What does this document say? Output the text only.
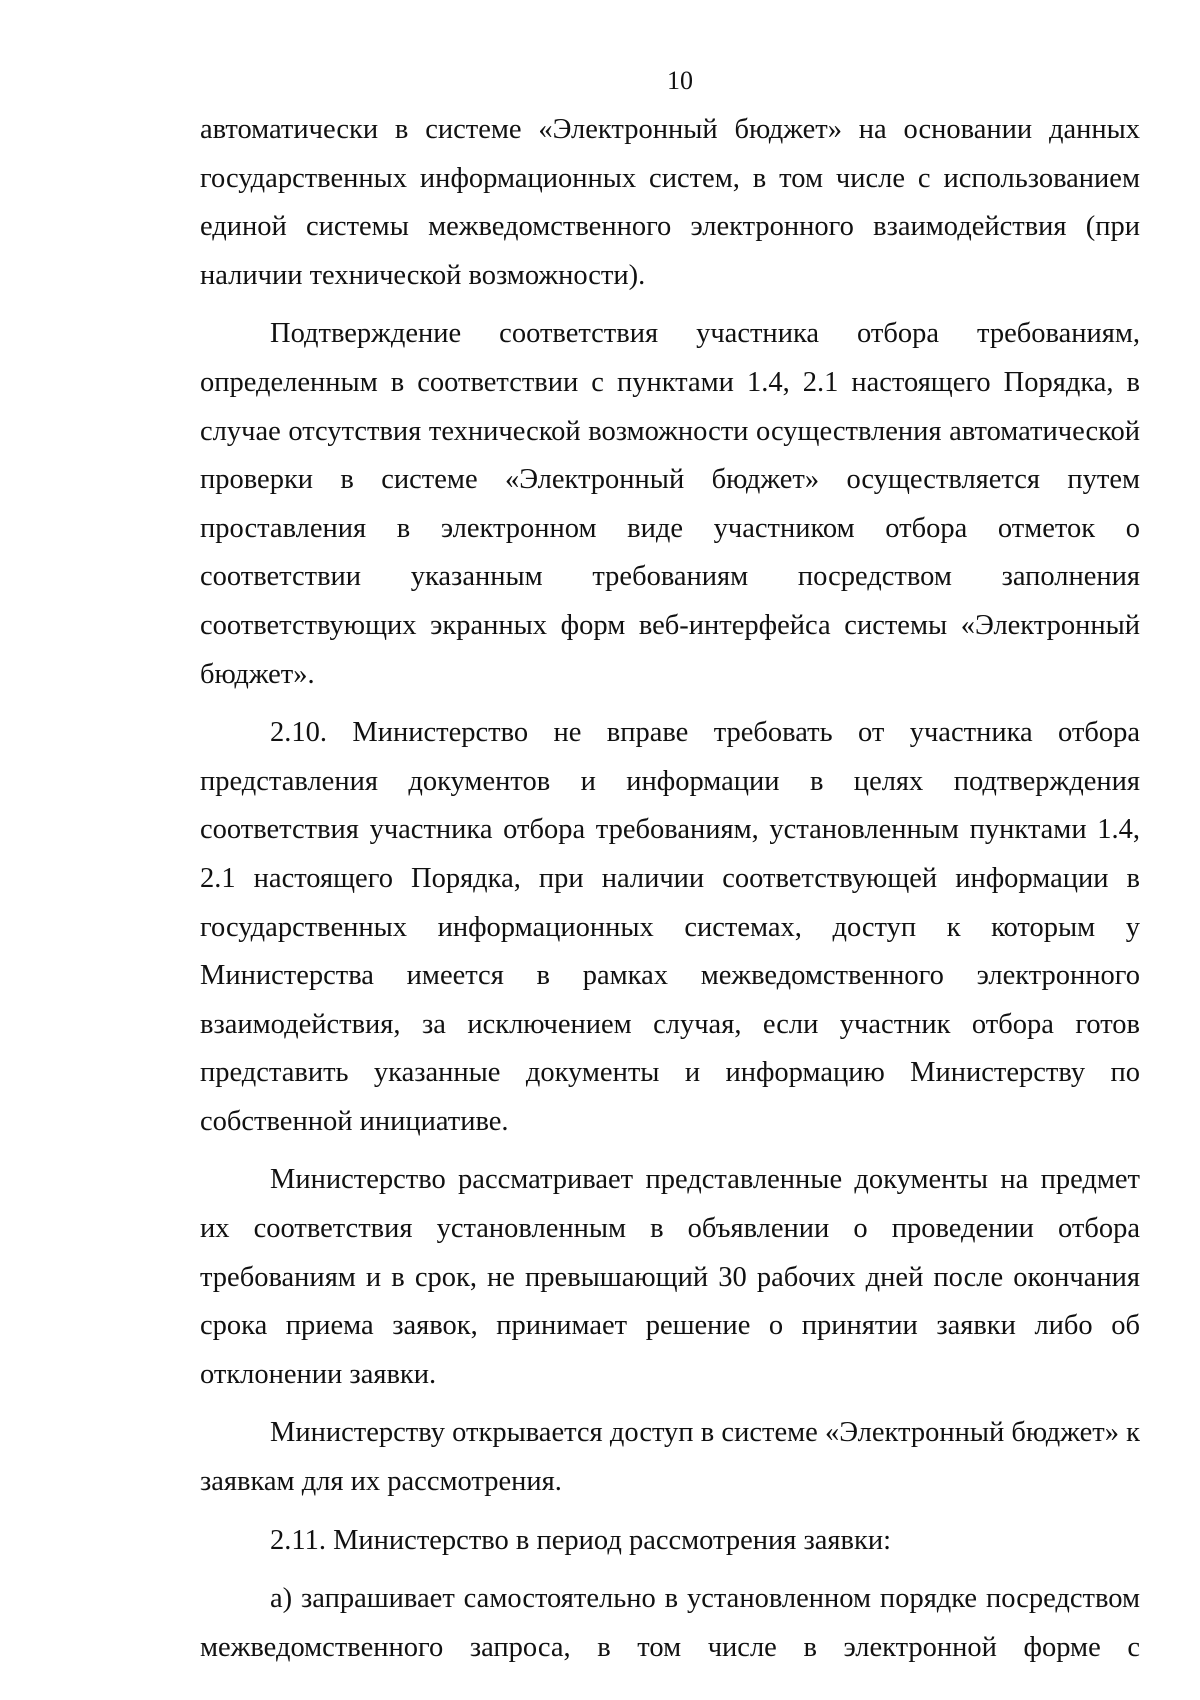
10

автоматически в системе «Электронный бюджет» на основании данных государственных информационных систем, в том числе с использованием единой системы межведомственного электронного взаимодействия (при наличии технической возможности).

Подтверждение соответствия участника отбора требованиям, определенным в соответствии с пунктами 1.4, 2.1 настоящего Порядка, в случае отсутствия технической возможности осуществления автоматической проверки в системе «Электронный бюджет» осуществляется путем проставления в электронном виде участником отбора отметок о соответствии указанным требованиям посредством заполнения соответствующих экранных форм веб-интерфейса системы «Электронный бюджет».

2.10. Министерство не вправе требовать от участника отбора представления документов и информации в целях подтверждения соответствия участника отбора требованиям, установленным пунктами 1.4, 2.1 настоящего Порядка, при наличии соответствующей информации в государственных информационных системах, доступ к которым у Министерства имеется в рамках межведомственного электронного взаимодействия, за исключением случая, если участник отбора готов представить указанные документы и информацию Министерству по собственной инициативе.

Министерство рассматривает представленные документы на предмет их соответствия установленным в объявлении о проведении отбора требованиям и в срок, не превышающий 30 рабочих дней после окончания срока приема заявок, принимает решение о принятии заявки либо об отклонении заявки.

Министерству открывается доступ в системе «Электронный бюджет» к заявкам для их рассмотрения.

2.11. Министерство в период рассмотрения заявки:

а) запрашивает самостоятельно в установленном порядке посредством межведомственного запроса, в том числе в электронной форме с
